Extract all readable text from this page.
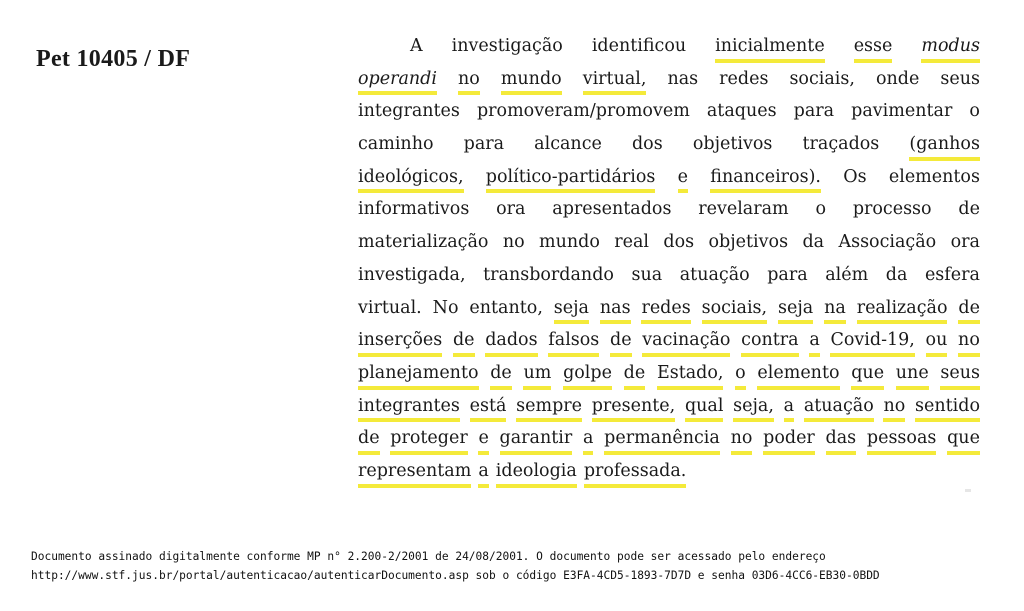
Pet 10405 / DF	A investigação identificou inicialmente esse modus
operandi no mundo virtual, nas redes sociais, onde seus
integrantes promoveram/promovem ataques para pavimentar o
caminho para alcance dos objetivos traçados (ganhos
ideológicos, político-partidários e financeiros). Os elementos
informativos ora apresentados revelaram o processo de
materialização no mundo real dos objetivos da Associação ora
investigada, transbordando sua atuação para além da esfera
virtual. No entanto, seja nas redes sociais, seja na realização de
inserções de dados falsos de vacinação contra a Covid-19, ou no
planejamento de um golpe de Estado, o elemento que une seus
integrantes está sempre presente, qual seja, a atuação no sentido
de proteger e garantir a permanência no poder das pessoas que
representam a ideologia professada.
Documento assinado digitalmente conforme MP n° 2.200-2/2001 de 24/08/2001. O documento pode ser acessado pelo endereço
http://www.stf.jus.br/portal/autenticacao/autenticarDocumento.asp sob o código E3FA-4CD5-1893-7D7D e senha 03D6-4CC6-EB30-0BDD
